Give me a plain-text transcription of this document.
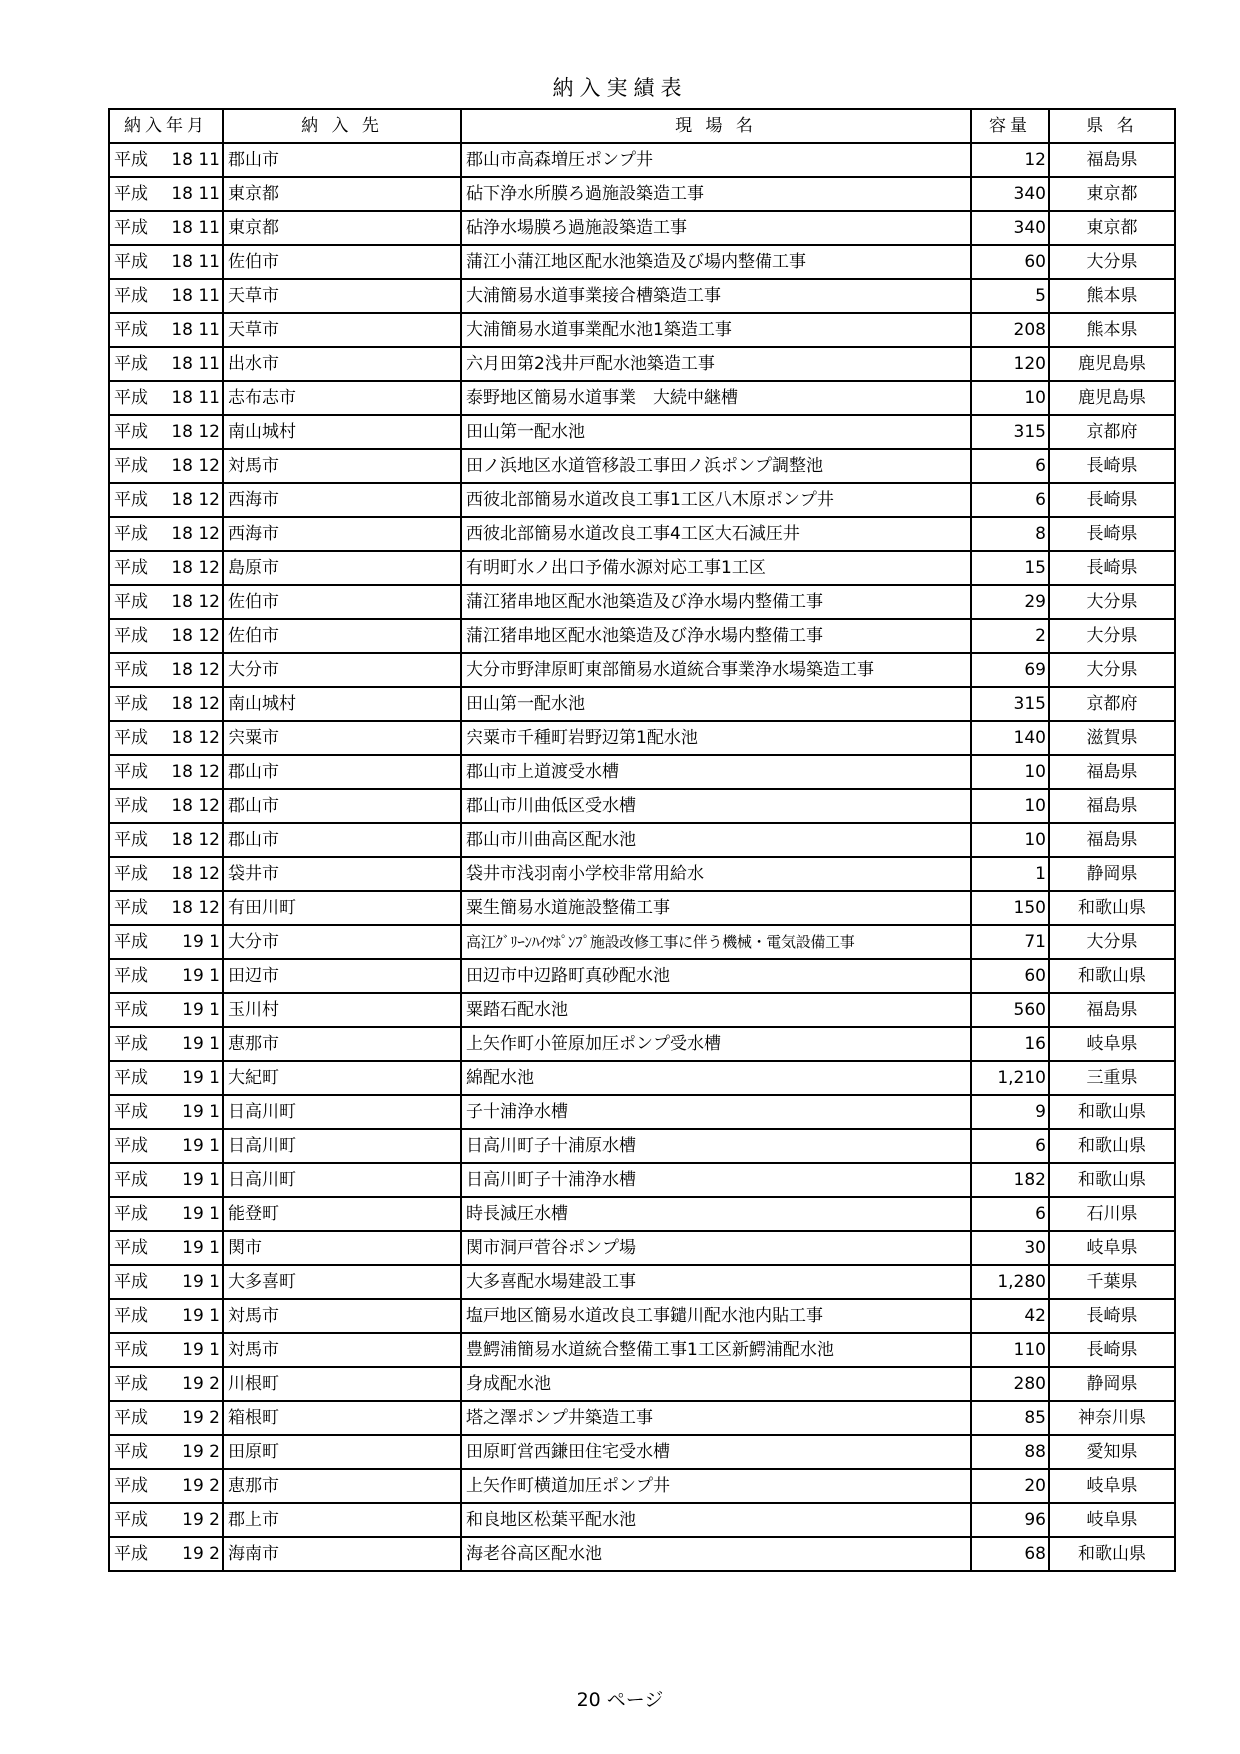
納入実績表
納入年月	納 入 先	現 場 名	容量	県 名

平成 18 11	郡山市	郡山市高森増圧ポンプ井	12	福島県

平成 18 11	東京都	砧下浄水所膜ろ過施設築造工事	340	東京都

平成 18 11	東京都	砧浄水場膜ろ過施設築造工事	340	東京都

平成 18 11	佐伯市	蒲江小蒲江地区配水池築造及び場内整備工事	60	大分県

平成 18 11	天草市	大浦簡易水道事業接合槽築造工事	5	熊本県

平成 18 11	天草市	大浦簡易水道事業配水池1築造工事	208	熊本県

平成 18 11	出水市	六月田第2浅井戸配水池築造工事	120	鹿児島県

平成 18 11	志布志市	泰野地区簡易水道事業　大続中継槽	10	鹿児島県

平成 18 12	南山城村	田山第一配水池	315	京都府

平成 18 12	対馬市	田ノ浜地区水道管移設工事田ノ浜ポンプ調整池	6	長崎県

平成 18 12	西海市	西彼北部簡易水道改良工事1工区八木原ポンプ井	6	長崎県

平成 18 12	西海市	西彼北部簡易水道改良工事4工区大石減圧井	8	長崎県

平成 18 12	島原市	有明町水ノ出口予備水源対応工事1工区	15	長崎県

平成 18 12	佐伯市	蒲江猪串地区配水池築造及び浄水場内整備工事	29	大分県

平成 18 12	佐伯市	蒲江猪串地区配水池築造及び浄水場内整備工事	2	大分県

平成 18 12	大分市	大分市野津原町東部簡易水道統合事業浄水場築造工事	69	大分県

平成 18 12	南山城村	田山第一配水池	315	京都府

平成 18 12	宍粟市	宍粟市千種町岩野辺第1配水池	140	滋賀県

平成 18 12	郡山市	郡山市上道渡受水槽	10	福島県

平成 18 12	郡山市	郡山市川曲低区受水槽	10	福島県

平成 18 12	郡山市	郡山市川曲高区配水池	10	福島県

平成 18 12	袋井市	袋井市浅羽南小学校非常用給水	1	静岡県

平成 18 12	有田川町	粟生簡易水道施設整備工事	150	和歌山県

平成 19 1	大分市	高江ｸﾞﾘｰﾝﾊｲﾂﾎﾟﾝﾌﾟ施設改修工事に伴う機械・電気設備工事	71	大分県

平成 19 1	田辺市	田辺市中辺路町真砂配水池	60	和歌山県

平成 19 1	玉川村	粟踏石配水池	560	福島県

平成 19 1	恵那市	上矢作町小笹原加圧ポンプ受水槽	16	岐阜県

平成 19 1	大紀町	綿配水池	1,210	三重県

平成 19 1	日高川町	子十浦浄水槽	9	和歌山県

平成 19 1	日高川町	日高川町子十浦原水槽	6	和歌山県

平成 19 1	日高川町	日高川町子十浦浄水槽	182	和歌山県

平成 19 1	能登町	時長減圧水槽	6	石川県

平成 19 1	関市	関市洞戸菅谷ポンプ場	30	岐阜県

平成 19 1	大多喜町	大多喜配水場建設工事	1,280	千葉県

平成 19 1	対馬市	塩戸地区簡易水道改良工事鑓川配水池内貼工事	42	長崎県

平成 19 1	対馬市	豊鰐浦簡易水道統合整備工事1工区新鰐浦配水池	110	長崎県

平成 19 2	川根町	身成配水池	280	静岡県

平成 19 2	箱根町	塔之澤ポンプ井築造工事	85	神奈川県

平成 19 2	田原町	田原町営西鎌田住宅受水槽	88	愛知県

平成 19 2	恵那市	上矢作町横道加圧ポンプ井	20	岐阜県

平成 19 2	郡上市	和良地区松葉平配水池	96	岐阜県

平成 19 2	海南市	海老谷高区配水池	68	和歌山県
20 ページ
